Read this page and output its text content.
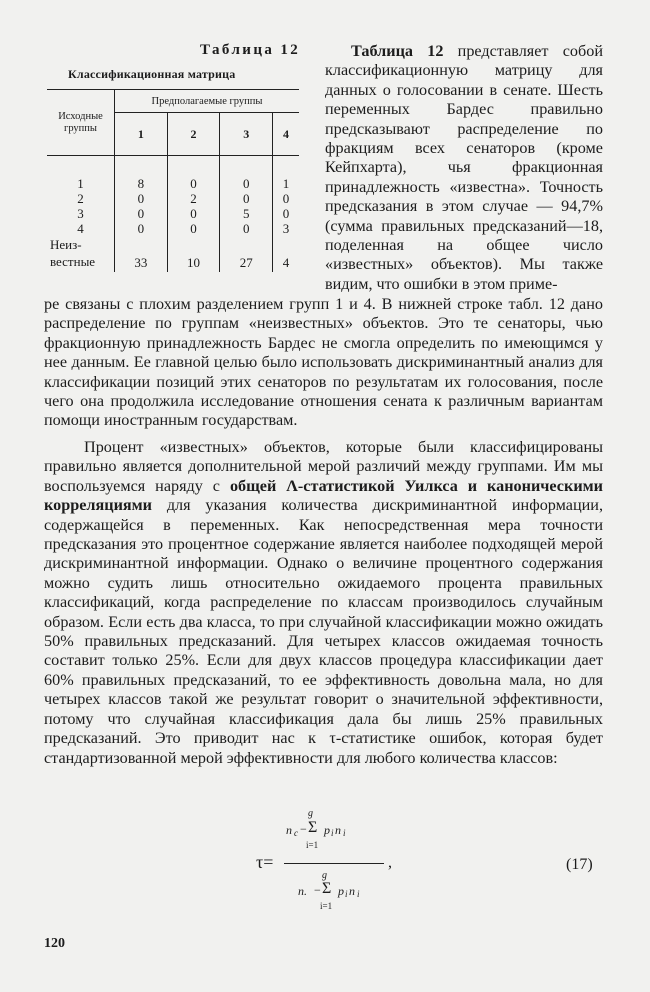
Таблица 12
Классификационная матрица
Исходные
группы	Предполагаемые группы			
	1	2	3	4
1	8	0	0	1
2	0	2	0	0
3	0	0	5	0
4	0	0	0	3
Неиз-
вестные	33	10	27	4
Таблица 12 представляет собой классификационную матрицу для данных о голосовании в сенате. Шесть переменных Бардес правильно предсказывают распределение по фракциям всех сенаторов (кроме Кейпхарта), чья фракционная принадлежность «известна». Точность предсказания в этом случае — 94,7% (сумма правильных предсказаний—18, поделенная на общее число «известных» объектов). Мы также видим, что ошибки в этом приме-
ре связаны с плохим разделением групп 1 и 4. В нижней строке табл. 12 дано распределение по группам «неизвестных» объектов. Это те сенаторы, чью фракционную принадлежность Бардес не смогла определить по имеющимся у нее данным. Ее главной целью было использовать дискриминантный анализ для классификации позиций этих сенаторов по результатам их голосования, после чего она продолжила исследование отношения сената к различным вариантам помощи иностранным государствам.
Процент «известных» объектов, которые были классифицированы правильно является дополнительной мерой различий между группами. Им мы воспользуемся наряду с общей Λ-статистикой Уилкса и каноническими корреляциями для указания количества дискриминантной информации, содержащейся в переменных. Как непосредственная мера точности предсказания это процентное содержание является наиболее подходящей мерой дискриминантной информации. Однако о величине процентного содержания можно судить лишь относительно ожидаемого процента правильных классификаций, когда распределение по классам производилось случайным образом. Если есть два класса, то при случайной классификации можно ожидать 50% правильных предсказаний. Для четырех классов ожидаемая точность составит только 25%. Если для двух классов процедура классификации дает 60% правильных предсказаний, то ее эффективность довольна мала, но для четырех классов такой же результат говорит о значительной эффективности, потому что случайная классификация дала бы лишь 25% правильных предсказаний. Это приводит нас к τ-статистике ошибок, которая будет стандартизованной мерой эффективности для любого количества классов:
τ=
g
n c − Σ p i n i
i=1
,
g
n. − Σ p i n i
i=1
(17)
120
